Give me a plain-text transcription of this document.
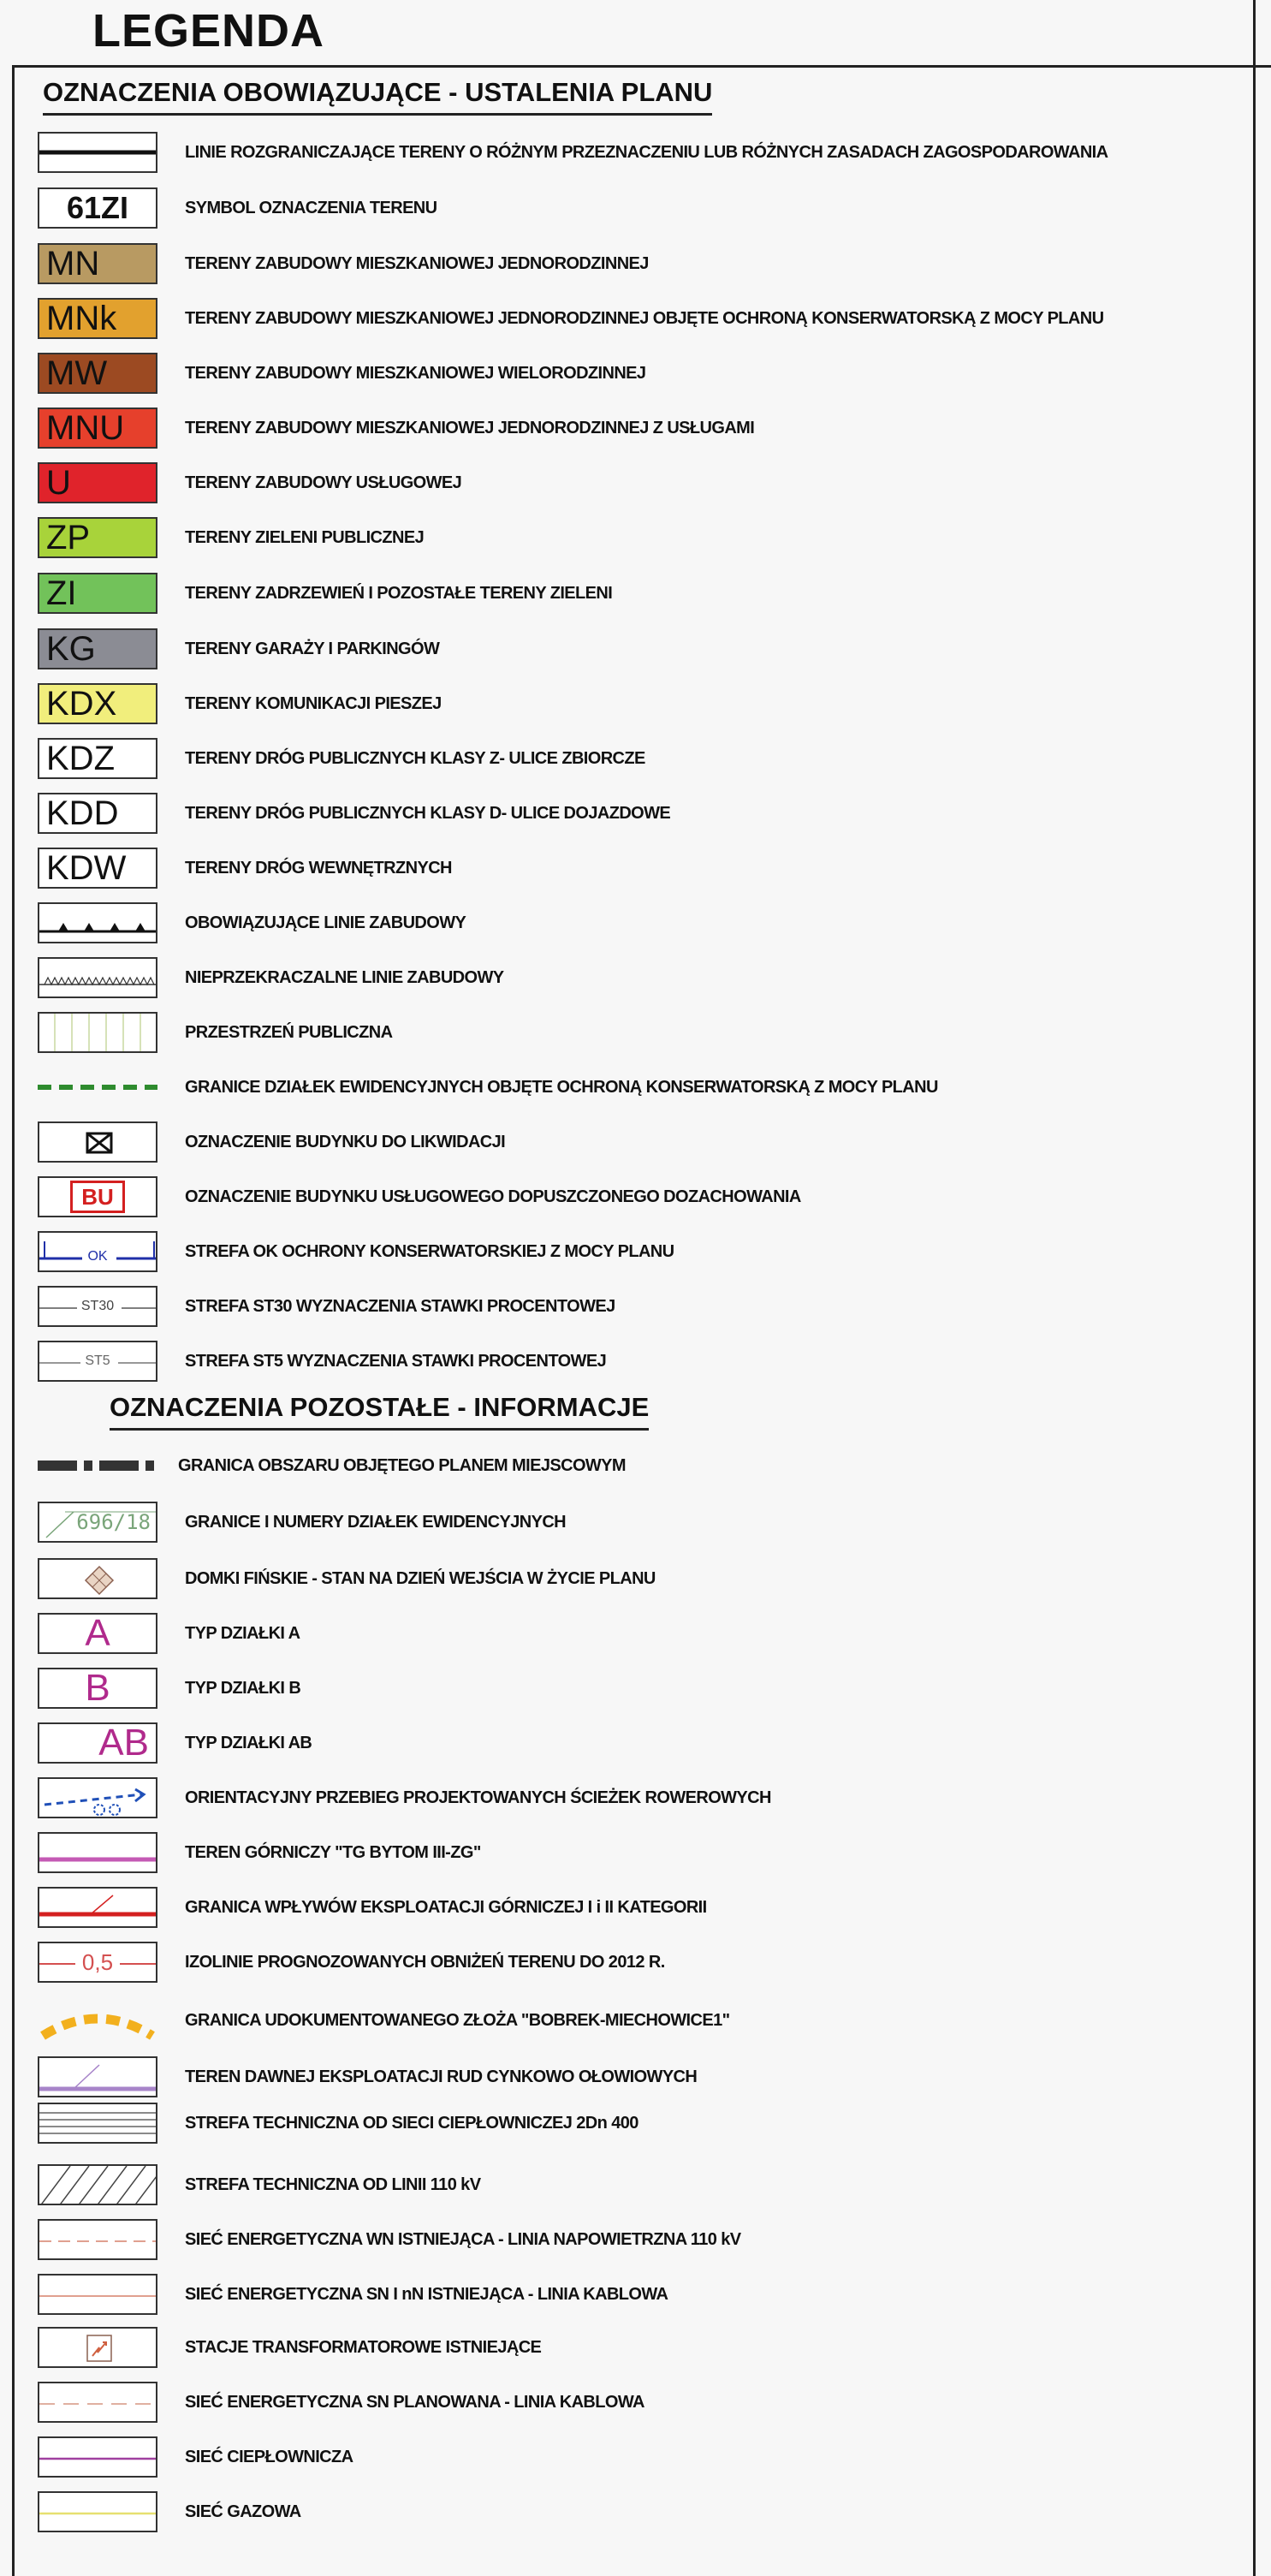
LEGENDA
OZNACZENIA OBOWIĄZUJĄCE - USTALENIA PLANU
LINIE ROZGRANICZAJĄCE TERENY O RÓŻNYM PRZEZNACZENIU LUB RÓŻNYCH ZASADACH ZAGOSPODAROWANIA
61ZI	SYMBOL OZNACZENIA TERENU
MN	TERENY ZABUDOWY MIESZKANIOWEJ JEDNORODZINNEJ
MNk	TERENY ZABUDOWY MIESZKANIOWEJ JEDNORODZINNEJ OBJĘTE OCHRONĄ KONSERWATORSKĄ Z MOCY PLANU
MW	TERENY ZABUDOWY MIESZKANIOWEJ WIELORODZINNEJ
MNU	TERENY ZABUDOWY MIESZKANIOWEJ JEDNORODZINNEJ Z USŁUGAMI
U	TERENY ZABUDOWY USŁUGOWEJ
ZP	TERENY ZIELENI PUBLICZNEJ
ZI	TERENY ZADRZEWIEŃ I POZOSTAŁE TERENY ZIELENI
KG	TERENY GARAŻY I PARKINGÓW
KDX	TERENY KOMUNIKACJI PIESZEJ
KDZ	TERENY DRÓG PUBLICZNYCH KLASY Z- ULICE ZBIORCZE
KDD	TERENY DRÓG PUBLICZNYCH KLASY D- ULICE DOJAZDOWE
KDW	TERENY DRÓG WEWNĘTRZNYCH
OBOWIĄZUJĄCE LINIE ZABUDOWY
NIEPRZEKRACZALNE LINIE ZABUDOWY
PRZESTRZEŃ PUBLICZNA
GRANICE DZIAŁEK EWIDENCYJNYCH OBJĘTE OCHRONĄ KONSERWATORSKĄ Z MOCY PLANU
OZNACZENIE BUDYNKU DO LIKWIDACJI
BU	OZNACZENIE BUDYNKU USŁUGOWEGO DOPUSZCZONEGO DOZACHOWANIA
OK	STREFA OK OCHRONY KONSERWATORSKIEJ Z MOCY PLANU
ST30	STREFA ST30 WYZNACZENIA STAWKI PROCENTOWEJ
ST5	STREFA ST5 WYZNACZENIA STAWKI PROCENTOWEJ
OZNACZENIA POZOSTAŁE - INFORMACJE
GRANICA OBSZARU OBJĘTEGO PLANEM MIEJSCOWYM
696/18 GRANICE I NUMERY DZIAŁEK EWIDENCYJNYCH
DOMKI FIŃSKIE - STAN NA DZIEŃ WEJŚCIA W ŻYCIE PLANU
A	TYP DZIAŁKI A
B	TYP DZIAŁKI B
AB TYP DZIAŁKI AB
ORIENTACYJNY PRZEBIEG PROJEKTOWANYCH ŚCIEŻEK ROWEROWYCH
TEREN GÓRNICZY "TG BYTOM III-ZG"
GRANICA WPŁYWÓW EKSPLOATACJI GÓRNICZEJ I i II KATEGORII
0,5	IZOLINIE PROGNOZOWANYCH OBNIŻEŃ TERENU DO 2012 R.
GRANICA UDOKUMENTOWANEGO ZŁOŻA "BOBREK-MIECHOWICE1"
TEREN DAWNEJ EKSPLOATACJI RUD CYNKOWO OŁOWIOWYCH
STREFA TECHNICZNA OD SIECI CIEPŁOWNICZEJ 2Dn 400
STREFA TECHNICZNA OD LINII 110 kV
SIEĆ ENERGETYCZNA WN ISTNIEJĄCA - LINIA NAPOWIETRZNA 110 kV
SIEĆ ENERGETYCZNA SN I nN ISTNIEJĄCA - LINIA KABLOWA
STACJE TRANSFORMATOROWE ISTNIEJĄCE
SIEĆ ENERGETYCZNA SN PLANOWANA - LINIA KABLOWA
SIEĆ CIEPŁOWNICZA
SIEĆ GAZOWA
